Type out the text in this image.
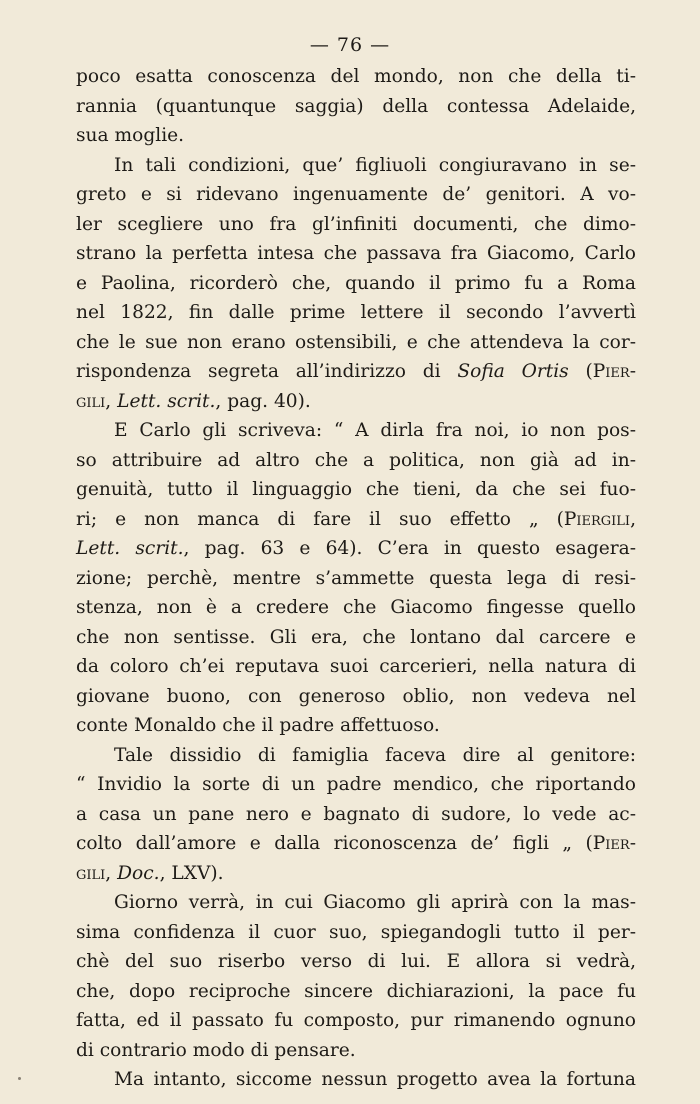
— 76 —
poco esatta conoscenza del mondo, non che della ti-
rannia (quantunque saggia) della contessa Adelaide,
sua moglie.
In tali condizioni, que’ figliuoli congiuravano in se-
greto e si ridevano ingenuamente de’ genitori. A vo-
ler scegliere uno fra gl’infiniti documenti, che dimo-
strano la perfetta intesa che passava fra Giacomo, Carlo
e Paolina, ricorderò che, quando il primo fu a Roma
nel 1822, fin dalle prime lettere il secondo l’avvertì
che le sue non erano ostensibili, e che attendeva la cor-
rispondenza segreta all’indirizzo di Sofia Ortis (Pier-
gili, Lett. scrit., pag. 40).
E Carlo gli scriveva: “ A dirla fra noi, io non pos-
so attribuire ad altro che a politica, non già ad in-
genuità, tutto il linguaggio che tieni, da che sei fuo-
ri; e non manca di fare il suo effetto „ (Piergili,
Lett. scrit., pag. 63 e 64). C’era in questo esagera-
zione; perchè, mentre s’ammette questa lega di resi-
stenza, non è a credere che Giacomo fingesse quello
che non sentisse. Gli era, che lontano dal carcere e
da coloro ch’ei reputava suoi carcerieri, nella natura di
giovane buono, con generoso oblio, non vedeva nel
conte Monaldo che il padre affettuoso.
Tale dissidio di famiglia faceva dire al genitore:
“ Invidio la sorte di un padre mendico, che riportando
a casa un pane nero e bagnato di sudore, lo vede ac-
colto dall’amore e dalla riconoscenza de’ figli „ (Pier-
gili, Doc., LXV).
Giorno verrà, in cui Giacomo gli aprirà con la mas-
sima confidenza il cuor suo, spiegandogli tutto il per-
chè del suo riserbo verso di lui. E allora si vedrà,
che, dopo reciproche sincere dichiarazioni, la pace fu
fatta, ed il passato fu composto, pur rimanendo ognuno
di contrario modo di pensare.
Ma intanto, siccome nessun progetto avea la fortuna
